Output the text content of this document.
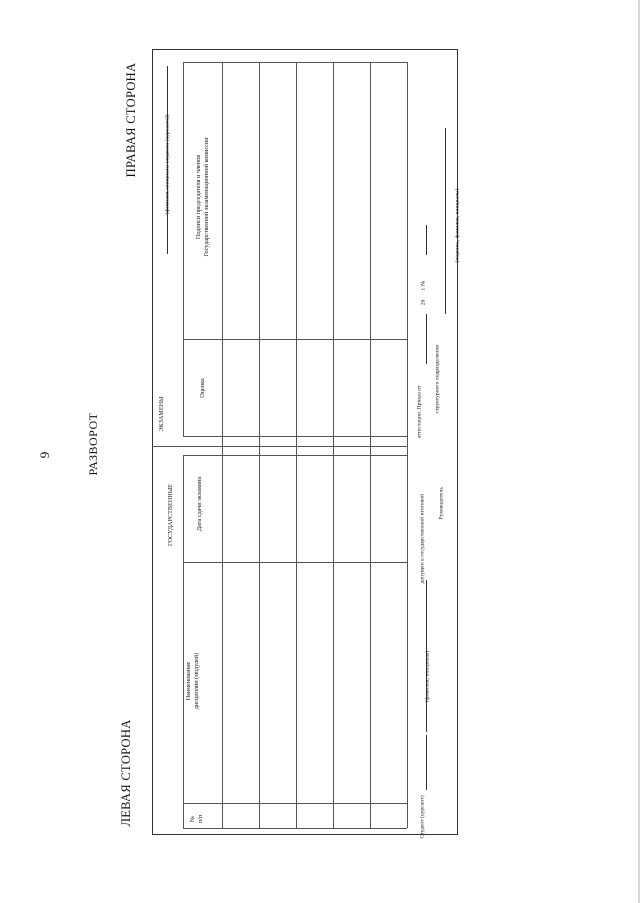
9	РАЗВОРОТ
ЛЕВАЯ СТОРОНА
ПРАВАЯ СТОРОНА
ГОСУДАРСТВЕННЫЕ
ЭКЗАМЕНЫ
(фамилия, инициалы студента (курсанта))
№ п/п
Наименование дисциплин (модулей)
Дата сдачи экзамина
Оценка
Подписи председателя и членов Государственной экзаменационной комиссии
Студент (курсант)
допущен к государственной итоговой
(фамилия, инициалы)
Руководитель
аттестации. Приказ от
20
г. №
структурного подразделения
(подпись, фамилия, инициалы)
